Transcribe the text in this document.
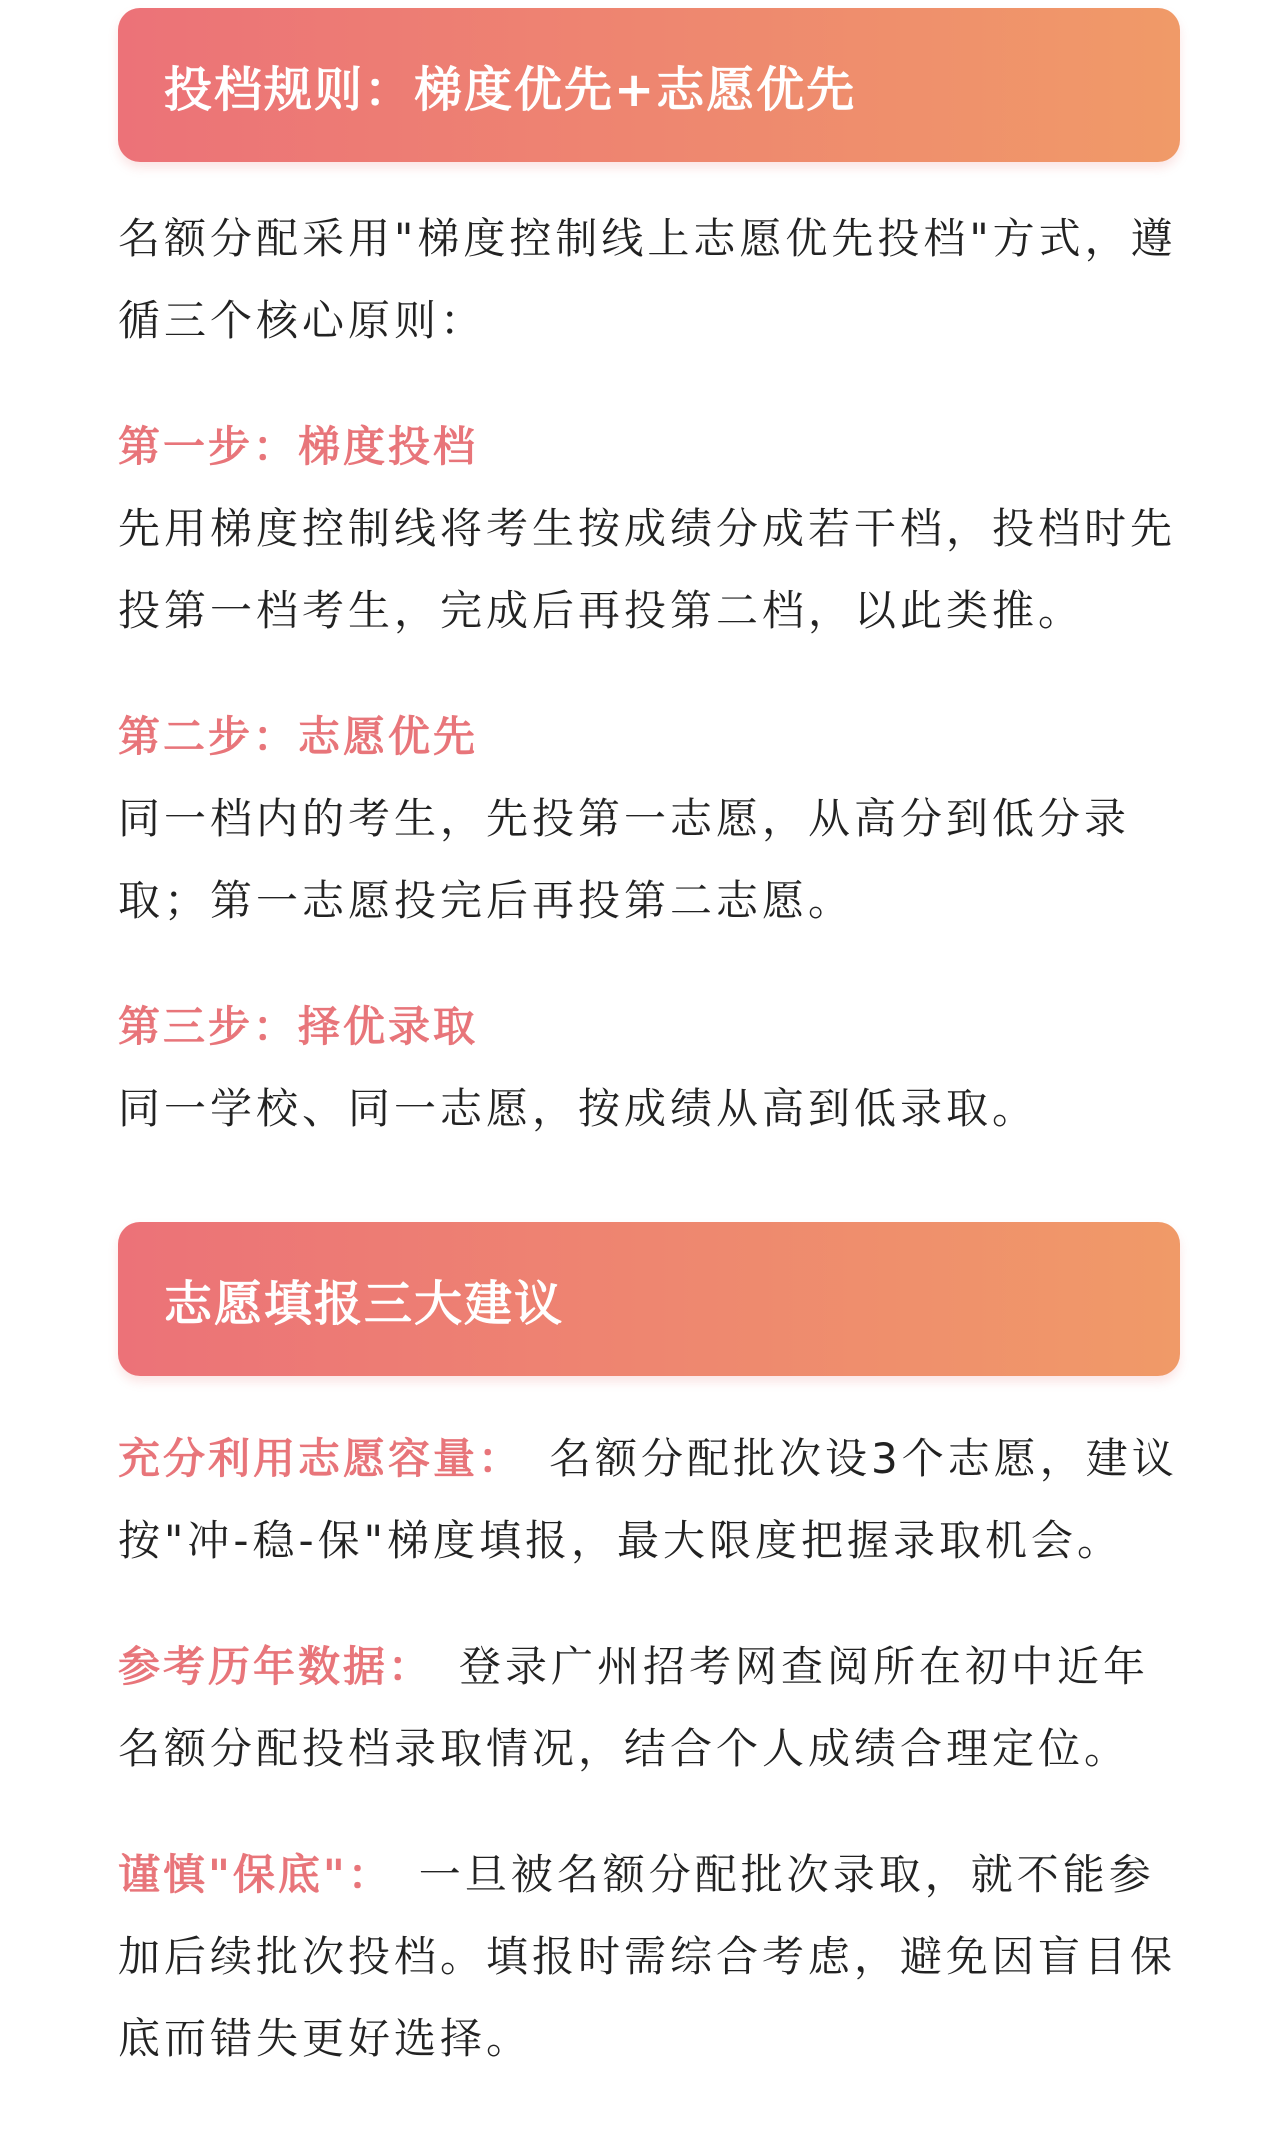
投档规则：梯度优先+志愿优先

名额分配采用"梯度控制线上志愿优先投档"方式，遵循三个核心原则：

第一步：梯度投档

先用梯度控制线将考生按成绩分成若干档，投档时先投第一档考生，完成后再投第二档，以此类推。

第二步：志愿优先

同一档内的考生，先投第一志愿，从高分到低分录取；第一志愿投完后再投第二志愿。

第三步：择优录取

同一学校、同一志愿，按成绩从高到低录取。

志愿填报三大建议

充分利用志愿容量： 名额分配批次设3个志愿，建议按"冲-稳-保"梯度填报，最大限度把握录取机会。

参考历年数据： 登录广州招考网查阅所在初中近年名额分配投档录取情况，结合个人成绩合理定位。

谨慎"保底"： 一旦被名额分配批次录取，就不能参加后续批次投档。填报时需综合考虑，避免因盲目保底而错失更好选择。
